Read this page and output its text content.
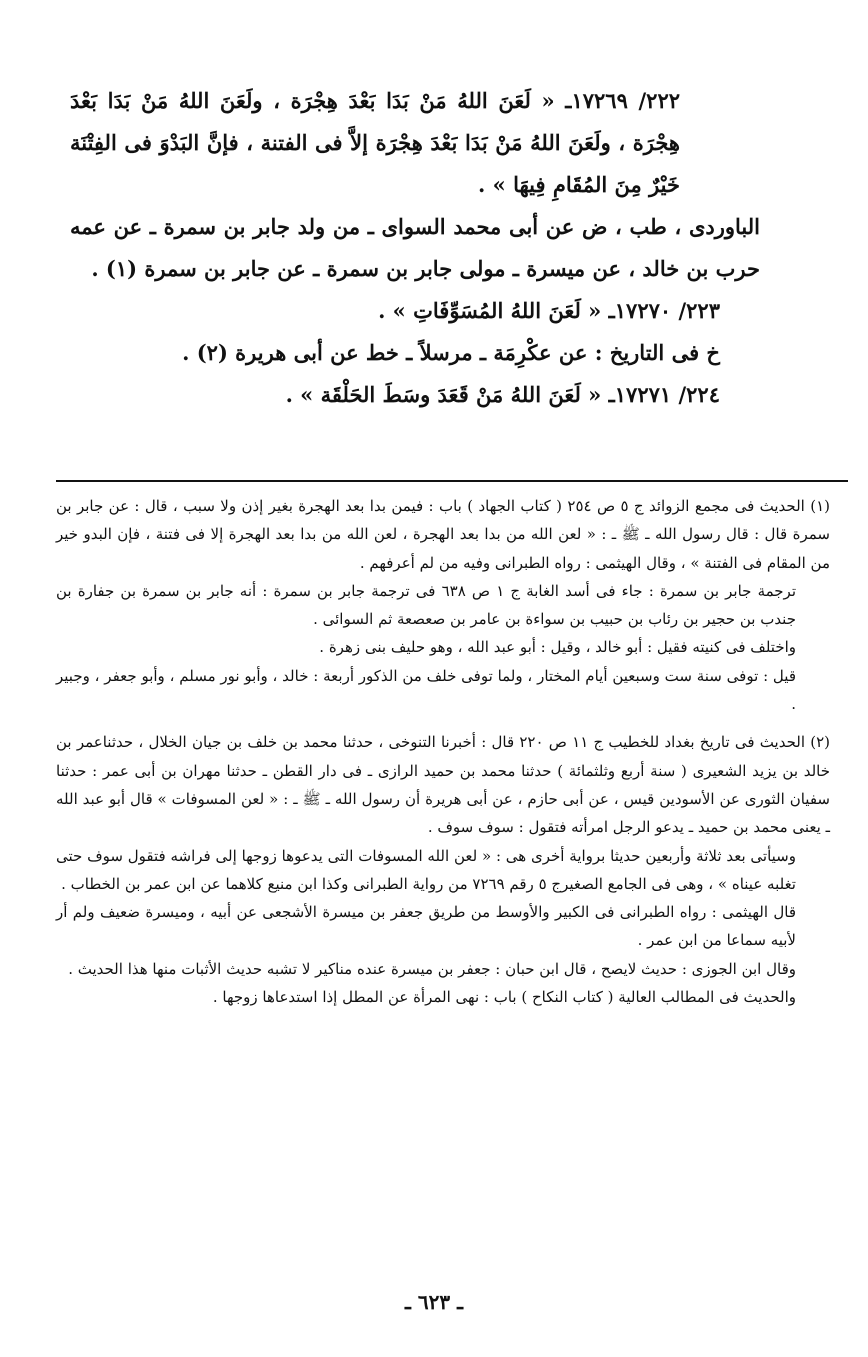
٢٢٢/ ١٧٢٦٩ـ « لَعَنَ اللهُ مَنْ بَدَا بَعْدَ هِجْرَة ، ولَعَنَ اللهُ مَنْ بَدَا بَعْدَ هِجْرَة ، ولَعَنَ اللهُ مَنْ بَدَا بَعْدَ هِجْرَة إلاَّ فى الفتنة ، فإنَّ البَدْوَ فى الفِتْنَة خَيْرٌ مِنَ المُقَامِ فِيهَا » .

الباوردى ، طب ، ض عن أبى محمد السواى ـ من ولد جابر بن سمرة ـ عن عمه حرب بن خالد ، عن ميسرة ـ مولى جابر بن سمرة ـ عن جابر بن سمرة (١) .

٢٢٣/ ١٧٢٧٠ـ « لَعَنَ اللهُ المُسَوِّفَاتِ » .

خ فى التاريخ : عن عكْرِمَة ـ مرسلاً ـ خط عن أبى هريرة (٢) .

٢٢٤/ ١٧٢٧١ـ « لَعَنَ اللهُ مَنْ قَعَدَ وسَطَ الحَلْقَة » .

(١) الحديث فى مجمع الزوائد ج ٥ ص ٢٥٤ ( كتاب الجهاد ) باب : فيمن بدا بعد الهجرة بغير إذن ولا سبب ، قال : عن جابر بن سمرة قال : قال رسول الله ـ ﷺ ـ : « لعن الله من بدا بعد الهجرة ، لعن الله من بدا بعد الهجرة إلا فى فتنة ، فإن البدو خير من المقام فى الفتنة » ، وقال الهيثمى : رواه الطبرانى وفيه من لم أعرفهم .

ترجمة جابر بن سمرة : جاء فى أسد الغابة ج ١ ص ٦٣٨ فى ترجمة جابر بن سمرة : أنه جابر بن سمرة بن جفارة بن جندب بن حجير بن رئاب بن حبيب بن سواءة بن عامر بن صعصعة ثم السوائى .

واختلف فى كنيته فقيل : أبو خالد ، وقيل : أبو عبد الله ، وهو حليف بنى زهرة .

قيل : توفى سنة ست وسبعين أيام المختار ، ولما توفى خلف من الذكور أربعة : خالد ، وأبو نور مسلم ، وأبو جعفر ، وجبير .

(٢) الحديث فى تاريخ بغداد للخطيب ج ١١ ص ٢٢٠ قال : أخبرنا التنوخى ، حدثنا محمد بن خلف بن جيان الخلال ، حدثناعمر بن خالد بن يزيد الشعيرى ( سنة أربع وثلثمائة ) حدثنا محمد بن حميد الرازى ـ فى دار القطن ـ حدثنا مهران بن أبى عمر : حدثنا سفيان الثورى عن الأسودين قيس ، عن أبى حازم ، عن أبى هريرة أن رسول الله ـ ﷺ ـ : « لعن المسوفات » قال أبو عبد الله ـ يعنى محمد بن حميد ـ يدعو الرجل امرأته فتقول : سوف سوف .

وسيأتى بعد ثلاثة وأربعين حديثا برواية أخرى هى : « لعن الله المسوفات التى يدعوها زوجها إلى فراشه فتقول سوف حتى تغلبه عيناه » ، وهى فى الجامع الصغيرج ٥ رقم ٧٢٦٩ من رواية الطبرانى وكذا ابن منيع كلاهما عن ابن عمر بن الخطاب .

قال الهيثمى : رواه الطبرانى فى الكبير والأوسط من طريق جعفر بن ميسرة الأشجعى عن أبيه ، وميسرة ضعيف ولم أر لأبيه سماعا من ابن عمر .

وقال ابن الجوزى : حديث لايصح ، قال ابن حبان : جعفر بن ميسرة عنده مناكير لا تشبه حديث الأثبات منها هذا الحديث .

والحديث فى المطالب العالية ( كتاب النكاح ) باب : نهى المرأة عن المطل إذا استدعاها زوجها .

ـ ٦٢٣ ـ
